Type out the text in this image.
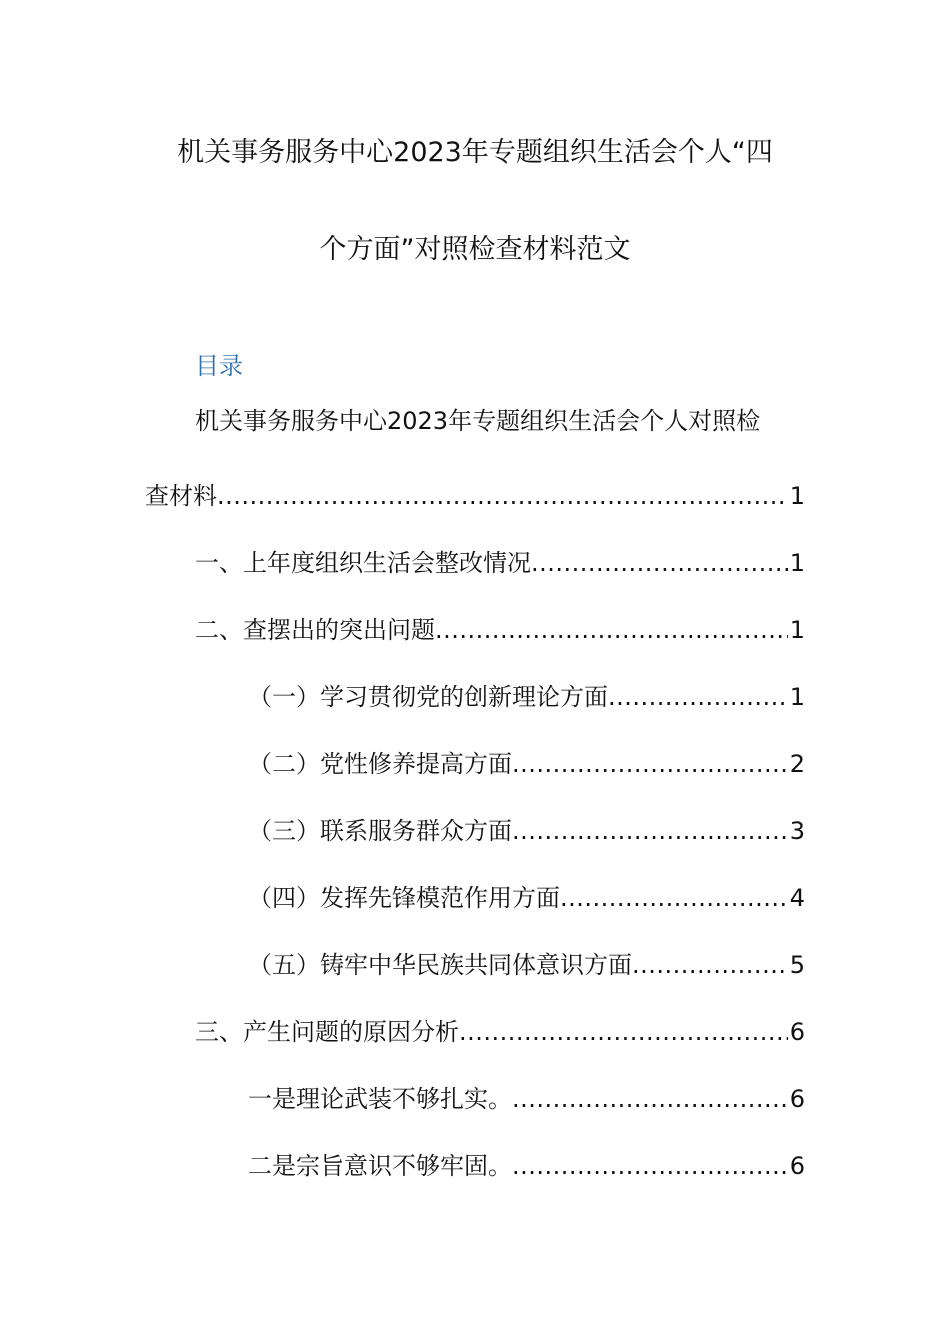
机关事务服务中心2023年专题组织生活会个人“四
个方面”对照检查材料范文
目录
机关事务服务中心2023年专题组织生活会个人对照检
查材料 .....	1
一、上年度组织生活会整改情况 .....	1
二、查摆出的突出问题 .....	1
（一）学习贯彻党的创新理论方面 .....	1
（二）党性修养提高方面 .....	2
（三）联系服务群众方面 .....	3
（四）发挥先锋模范作用方面 .....	4
（五）铸牢中华民族共同体意识方面 .....	5
三、产生问题的原因分析 .....	6
一是理论武装不够扎实。 .....	6
二是宗旨意识不够牢固。 .....	6
